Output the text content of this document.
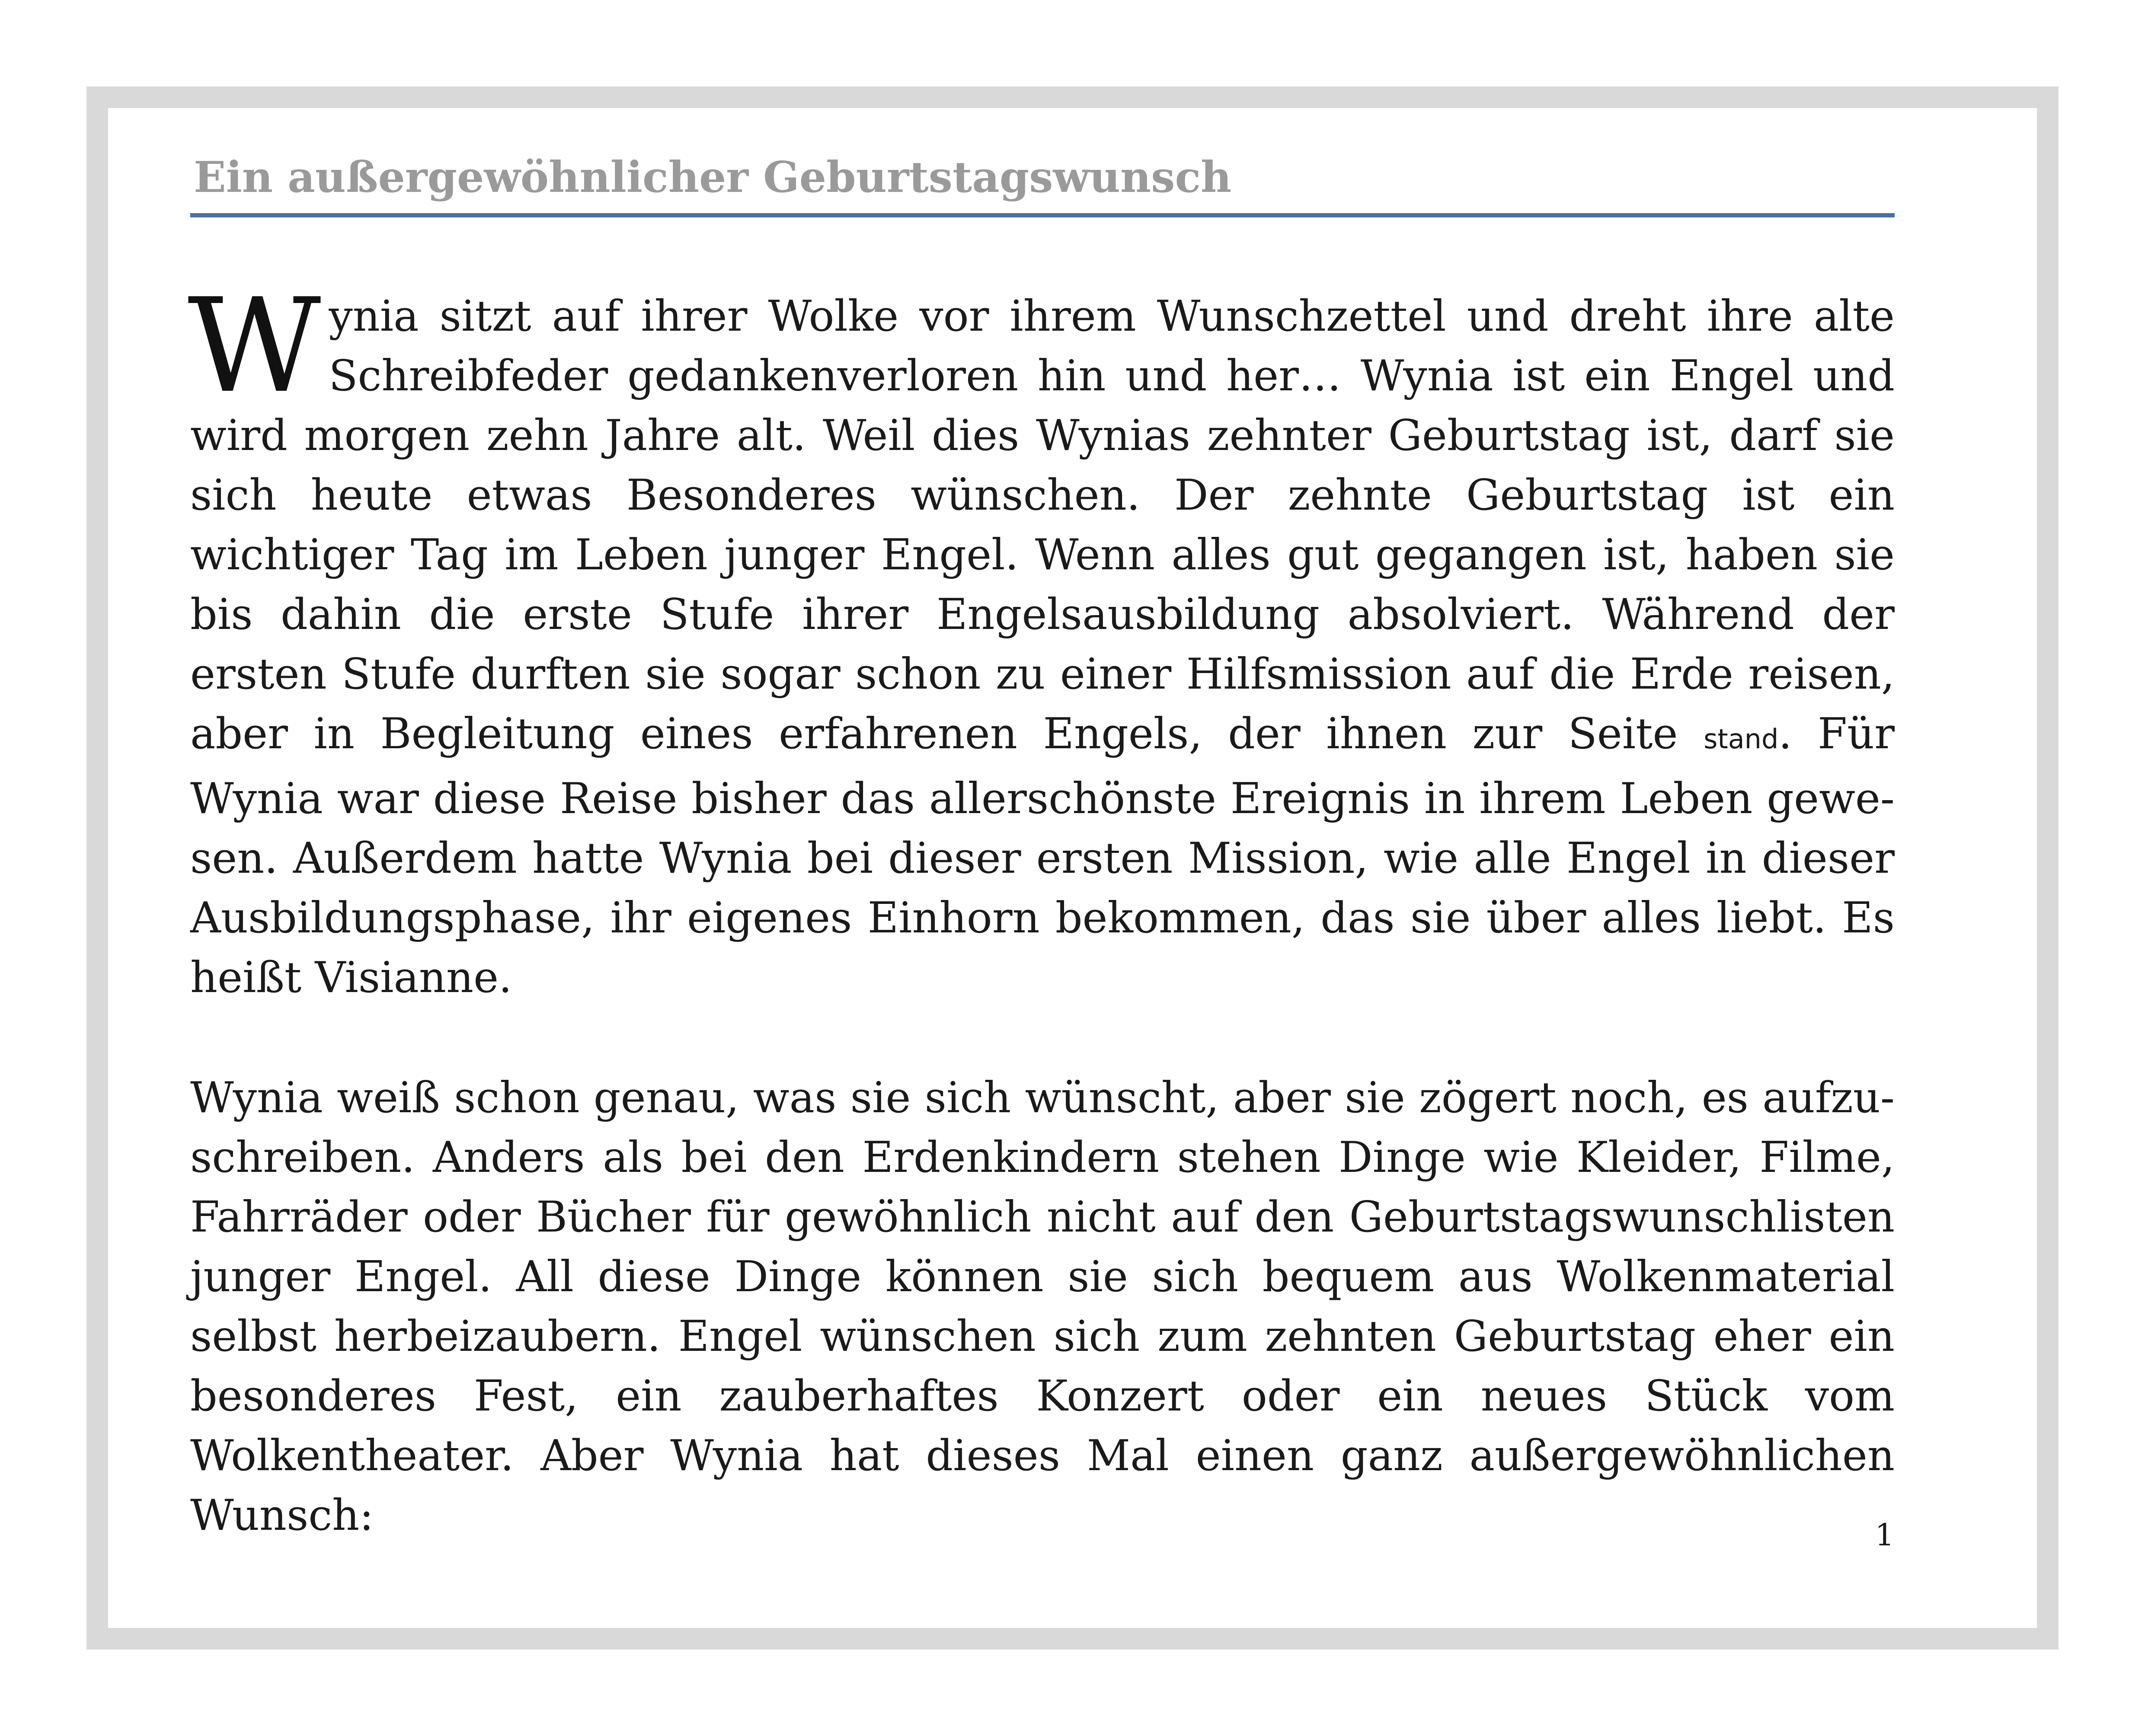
Ein außergewöhnlicher Geburtstagswunsch

Wynia sitzt auf ihrer Wolke vor ihrem Wunschzettel und dreht ihre alte Schreibfeder gedankenverloren hin und her… Wynia ist ein Engel und wird morgen zehn Jahre alt. Weil dies Wynias zehnter Geburtstag ist, darf sie sich heute etwas Besonderes wünschen. Der zehnte Geburtstag ist ein wichtiger Tag im Leben junger Engel. Wenn alles gut gegangen ist, haben sie bis dahin die erste Stufe ihrer Engelsausbildung absolviert. Während der ersten Stufe durften sie sogar schon zu einer Hilfsmission auf die Erde reisen, aber in Begleitung eines erfahrenen Engels, der ihnen zur Seite stand. Für Wynia war diese Reise bisher das allerschönste Ereignis in ihrem Leben gewesen. Außerdem hatte Wynia bei dieser ersten Mission, wie alle Engel in dieser Ausbildungsphase, ihr eigenes Einhorn bekommen, das sie über alles liebt. Es heißt Visianne.

Wynia weiß schon genau, was sie sich wünscht, aber sie zögert noch, es aufzuschreiben. Anders als bei den Erdenkindern stehen Dinge wie Kleider, Filme, Fahrräder oder Bücher für gewöhnlich nicht auf den Geburtstagswunschlisten junger Engel. All diese Dinge können sie sich bequem aus Wolkenmaterial selbst herbeizaubern. Engel wünschen sich zum zehnten Geburtstag eher ein besonderes Fest, ein zauberhaftes Konzert oder ein neues Stück vom Wolkentheater. Aber Wynia hat dieses Mal einen ganz außergewöhnlichen Wunsch:	1
